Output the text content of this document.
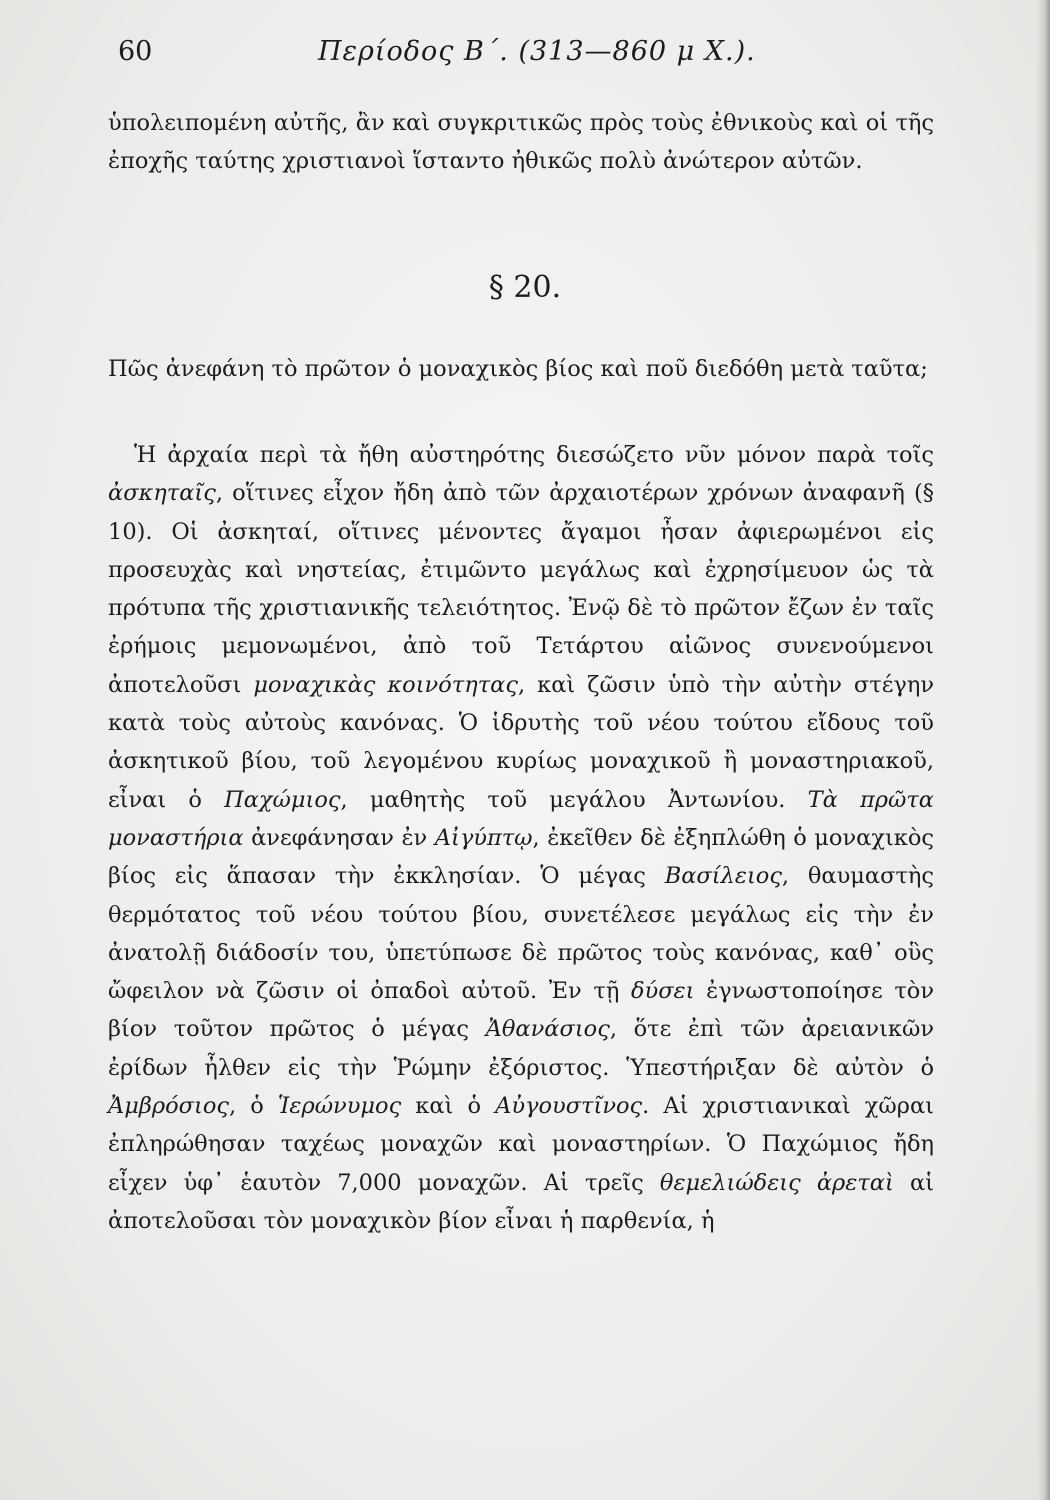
60	Περίοδος Β΄. (313—860 μ Χ.).

ὑπολειπομένη αὐτῆς, ἂν καὶ συγκριτικῶς πρὸς τοὺς ἐθνικοὺς καὶ οἱ τῆς ἐποχῆς ταύτης χριστιανοὶ ἵσταντο ἠθικῶς πολὺ ἀνώτερον αὐτῶν.

§ 20.

Πῶς ἀνεφάνη τὸ πρῶτον ὁ μοναχικὸς βίος καὶ ποῦ διεδόθη μετὰ ταῦτα;

Ἡ ἀρχαία περὶ τὰ ἤθη αὐστηρότης διεσώζετο νῦν μόνον παρὰ τοῖς ἀσκηταῖς, οἵτινες εἶχον ἤδη ἀπὸ τῶν ἀρχαιοτέρων χρόνων ἀναφανῆ (§ 10). Οἱ ἀσκηταί, οἵτινες μένοντες ἄγαμοι ἦσαν ἀφιερωμένοι εἰς προσευχὰς καὶ νηστείας, ἐτιμῶντο μεγάλως καὶ ἐχρησίμευον ὡς τὰ πρότυπα τῆς χριστιανικῆς τελειότητος. Ἐνῷ δὲ τὸ πρῶτον ἔζων ἐν ταῖς ἐρήμοις μεμονωμένοι, ἀπὸ τοῦ Τετάρτου αἰῶνος συνενούμενοι ἀποτελοῦσι μοναχικὰς κοινότητας, καὶ ζῶσιν ὑπὸ τὴν αὐτὴν στέγην κατὰ τοὺς αὐτοὺς κανόνας. Ὁ ἱδρυτὴς τοῦ νέου τούτου εἴδους τοῦ ἀσκητικοῦ βίου, τοῦ λεγομένου κυρίως μοναχικοῦ ἢ μοναστηριακοῦ, εἶναι ὁ Παχώμιος, μαθητὴς τοῦ μεγάλου Ἀντωνίου. Τὰ πρῶτα μοναστήρια ἀνεφάνησαν ἐν Αἰγύπτῳ, ἐκεῖθεν δὲ ἐξηπλώθη ὁ μοναχικὸς βίος εἰς ἅπασαν τὴν ἐκκλησίαν. Ὁ μέγας Βασίλειος, θαυμαστὴς θερμότατος τοῦ νέου τούτου βίου, συνετέλεσε μεγάλως εἰς τὴν ἐν ἀνατολῇ διάδοσίν του, ὑπετύπωσε δὲ πρῶτος τοὺς κανόνας, καθ᾽ οὓς ὤφειλον νὰ ζῶσιν οἱ ὀπαδοὶ αὐτοῦ. Ἐν τῇ δύσει ἐγνωστοποίησε τὸν βίον τοῦτον πρῶτος ὁ μέγας Ἀθανάσιος, ὅτε ἐπὶ τῶν ἀρειανικῶν ἐρίδων ἦλθεν εἰς τὴν Ῥώμην ἐξόριστος. Ὑπεστήριξαν δὲ αὐτὸν ὁ Ἀμβρόσιος, ὁ Ἱερώνυμος καὶ ὁ Αὐγουστῖνος. Αἱ χριστιανικαὶ χῶραι ἐπληρώθησαν ταχέως μοναχῶν καὶ μοναστηρίων. Ὁ Παχώμιος ἤδη εἶχεν ὑφ᾽ ἑαυτὸν 7,000 μοναχῶν. Αἱ τρεῖς θεμελιώδεις ἀρεταὶ αἱ ἀποτελοῦσαι τὸν μοναχικὸν βίον εἶναι ἡ παρθενία, ἡ
